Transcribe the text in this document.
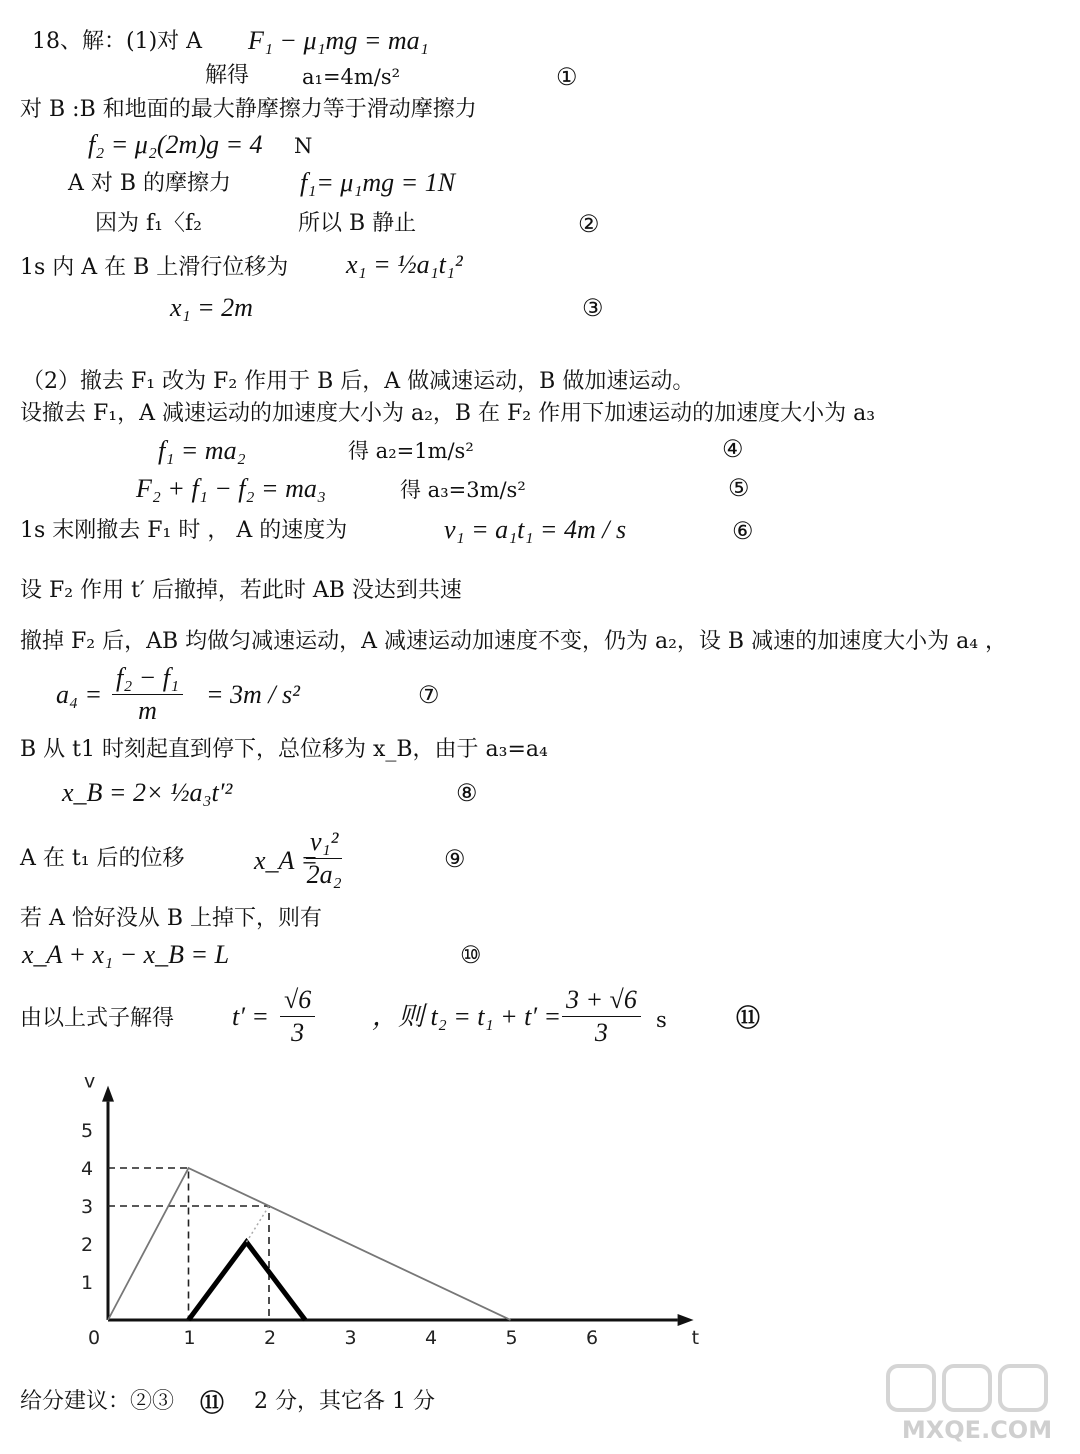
18、解：(1)对 A F₁ − μ₁mg = ma₁
解得	a₁=4m/s²	①
对 B :B 和地面的最大静摩擦力等于滑动摩擦力
f₂ = μ₂(2m)g = 4 N
A 对 B 的摩擦力	f₁= μ₁mg = 1N
因为 f₁〈f₂	所以 B 静止	②
1s 内 A 在 B 上滑行位移为 x₁ = ½a₁t₁²
x₁ = 2m	③
（2）撤去 F₁ 改为 F₂ 作用于 B 后，A 做减速运动，B 做加速运动。
设撤去 F₁，A 减速运动的加速度大小为 a₂，B 在 F₂ 作用下加速运动的加速度大小为 a₃
f₁ = ma₂	得 a₂=1m/s²	④
F₂ + f₁ − f₂ = ma₃	得 a₃=3m/s²	⑤
1s 末刚撤去 F₁ 时 ， A 的速度为	v₁ = a₁t₁ = 4m / s	⑥
设 F₂ 作用 t′ 后撤掉，若此时 AB 没达到共速
撤掉 F₂ 后，AB 均做匀减速运动，A 减速运动加速度不变，仍为 a₂，设 B 减速的加速度大小为 a₄ ，
$a_4 = \frac{\text{f₂ − f₁}}{m} = 3m / s^2$	⑦
B 从 t1 时刻起直到停下，总位移为 x_B，由于 a₃=a₄
x_B = 2× ½a₃t′²	⑧
A 在 t₁ 后的位移	x_A =
$\frac{\text{v₁²}}{\text{2a₂}}$	⑨
若 A 恰好没从 B 上掉下，则有
x_A + x₁ − x_B = L	⑩
由以上式子解得 $t' = \frac{√6}{3}$ ，则 $t_2 = t_1 + t' = \frac{3 + √6}{3}$ s	⑪
t
v
0	1	2	3	4	5	6
1
2
3
4
5
给分建议：②③ ⑪ 2 分，其它各 1 分
MXQE.COM
